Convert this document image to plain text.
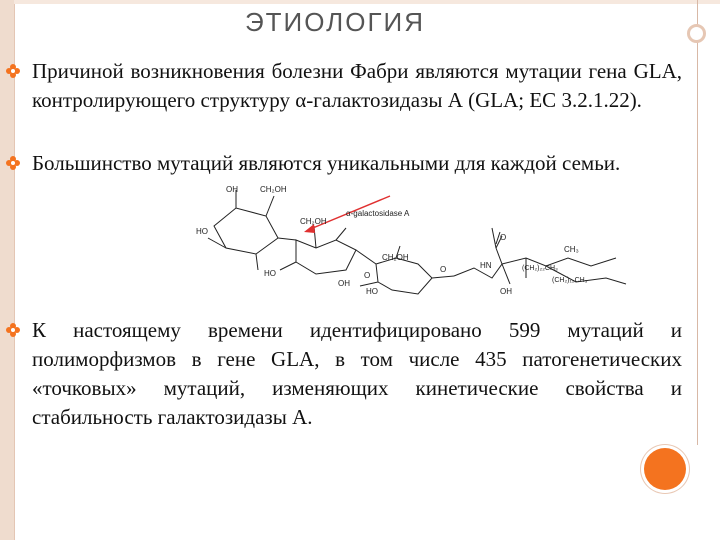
ЭТИОЛОГИЯ
Причиной возникновения болезни Фабри являются мутации гена GLA, контролирующего структуру α-галактозидазы А (GLA; ЕС 3.2.1.22).
Большинство мутаций являются уникальными для каждой семьи.
К настоящему времени идентифицировано 599 мутаций и полиморфизмов в гене GLA, в том числе 435 патогенетических «точковых» мутаций, изменяющих кинетические свойства и стабильность галактозидазы А.
α-galactosidase A
OH	CH₂OH
HO
CH₂OH
HO
CH₂OH
O
OH
HO
O
O
HN
CH₃
(CH₂)₂₂CH₃
(CH₂)₁₂CH₃
OH
